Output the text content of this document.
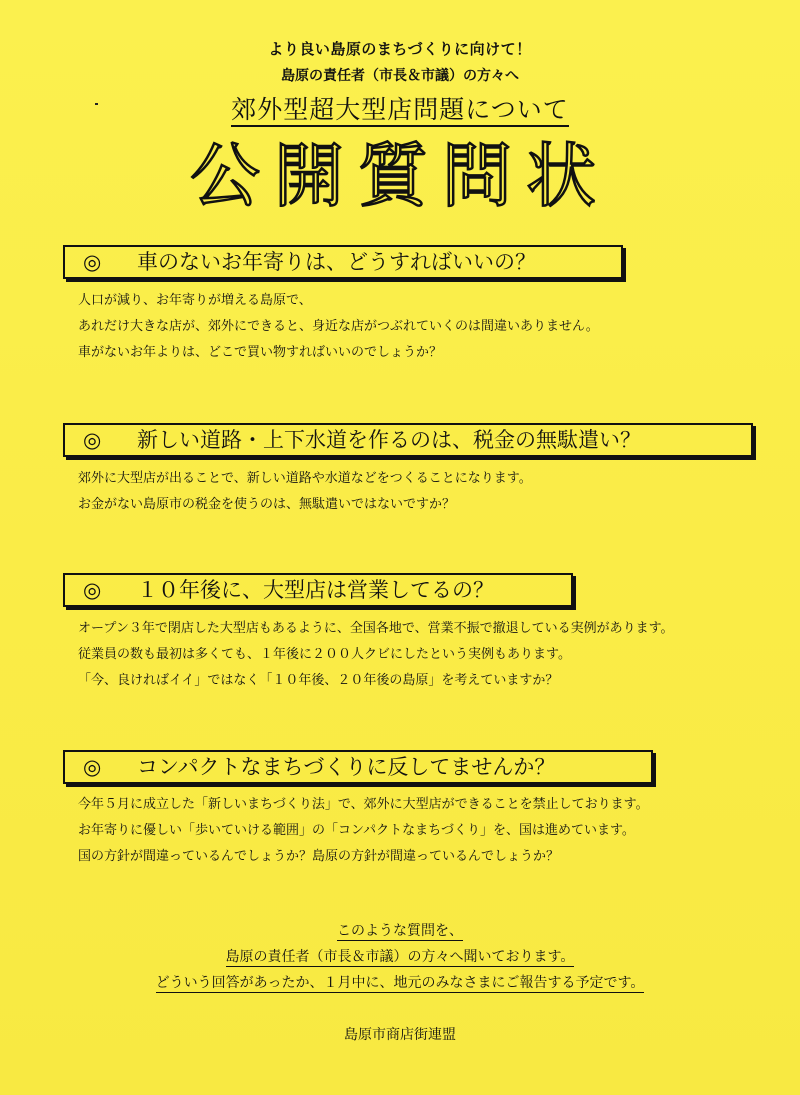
より良い島原のまちづくりに向けて！
島原の責任者（市長＆市議）の方々へ
郊外型超大型店問題について
公開質問状
◎ 車のないお年寄りは、どうすればいいの？

人口が減り、お年寄りが増える島原で、

あれだけ大きな店が、郊外にできると、身近な店がつぶれていくのは間違いありません。

車がないお年よりは、どこで買い物すればいいのでしょうか？

◎ 新しい道路・上下水道を作るのは、税金の無駄遣い？

郊外に大型店が出ることで、新しい道路や水道などをつくることになります。

お金がない島原市の税金を使うのは、無駄遣いではないですか？

◎ １０年後に、大型店は営業してるの？

オープン３年で閉店した大型店もあるように、全国各地で、営業不振で撤退している実例があります。

従業員の数も最初は多くても、１年後に２００人クビにしたという実例もあります。

「今、良ければイイ」ではなく「１０年後、２０年後の島原」を考えていますか？

◎ コンパクトなまちづくりに反してませんか？

今年５月に成立した「新しいまちづくり法」で、郊外に大型店ができることを禁止しております。

お年寄りに優しい「歩いていける範囲」の「コンパクトなまちづくり」を、国は進めています。

国の方針が間違っているんでしょうか？島原の方針が間違っているんでしょうか？

このような質問を、
島原の責任者（市長＆市議）の方々へ聞いております。
どういう回答があったか、１月中に、地元のみなさまにご報告する予定です。
島原市商店街連盟
